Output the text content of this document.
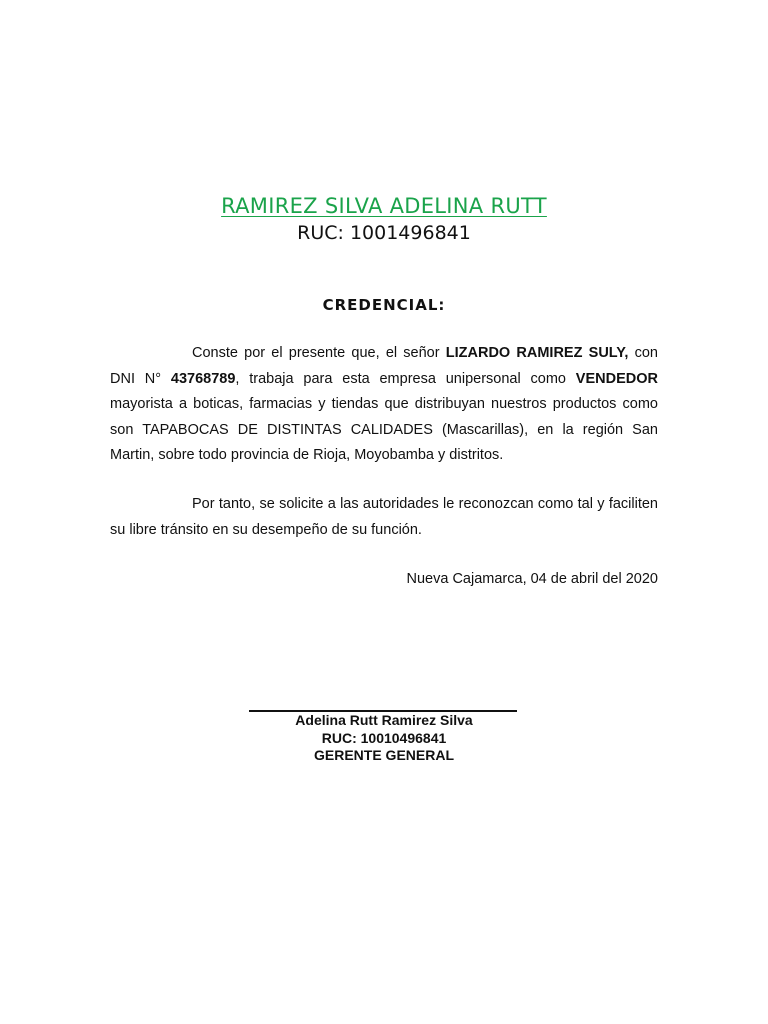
RAMIREZ SILVA ADELINA RUTT
RUC: 1001496841
CREDENCIAL:
Conste por el presente que, el señor LIZARDO RAMIREZ SULY, con DNI N° 43768789, trabaja para esta empresa unipersonal como VENDEDOR mayorista a boticas, farmacias y tiendas que distribuyan nuestros productos como son TAPABOCAS DE DISTINTAS CALIDADES (Mascarillas), en la región San Martin, sobre todo provincia de Rioja, Moyobamba y distritos.
Por tanto, se solicite a las autoridades le reconozcan como tal y faciliten su libre tránsito en su desempeño de su función.
Nueva Cajamarca, 04 de abril del 2020
Adelina Rutt Ramirez Silva
RUC: 10010496841
GERENTE GENERAL
